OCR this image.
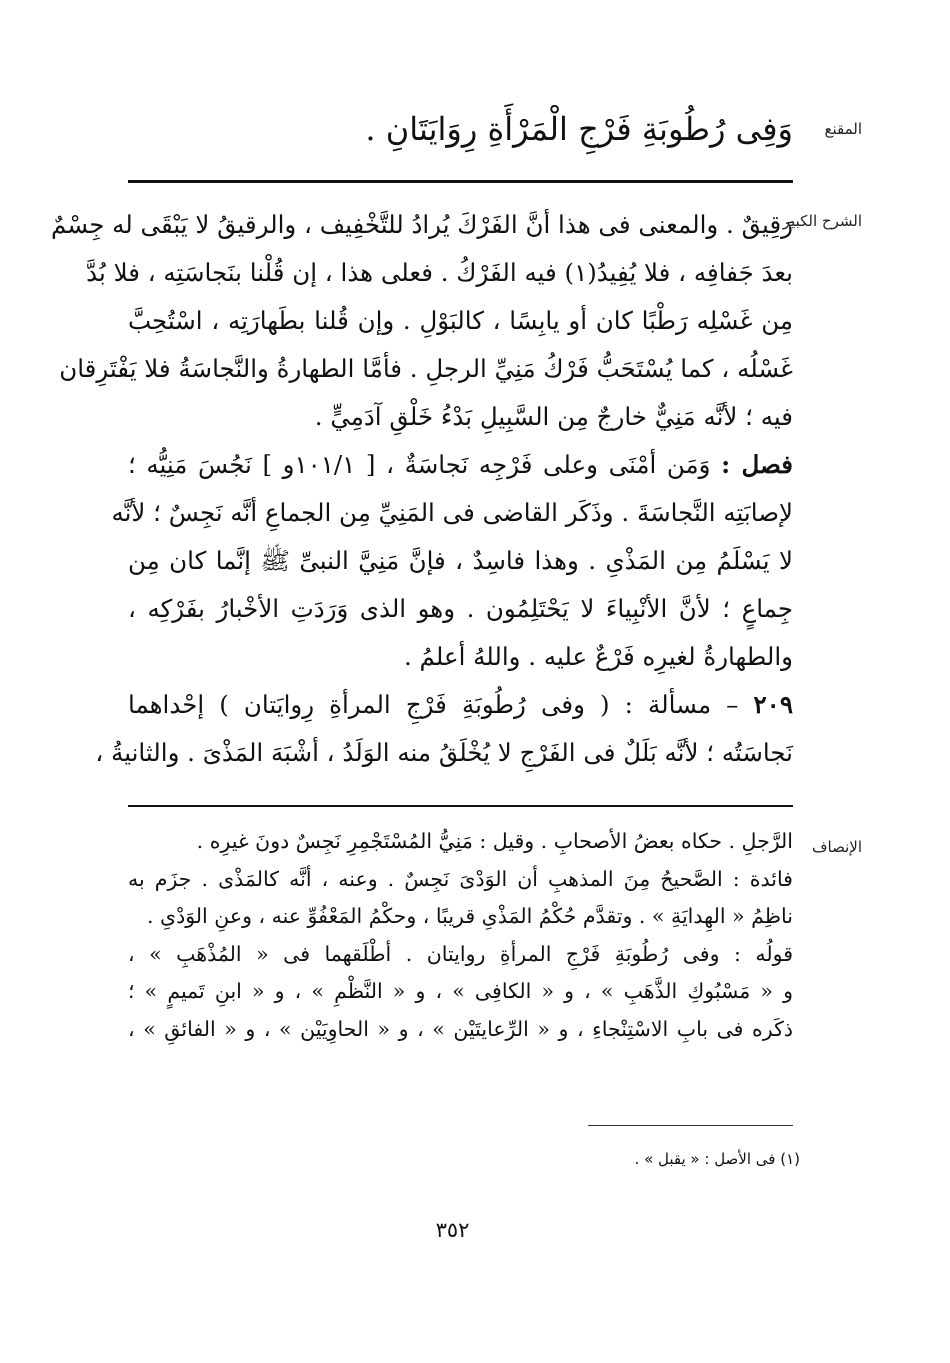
المقنع
وَفِى رُطُوبَةِ فَرْجِ الْمَرْأَةِ رِوَايَتَانِ .
الشرح الكبير
رَقِيقٌ . والمعنى فى هذا أنَّ الفَرْكَ يُرادُ للتَّخْفِيف ، والرقيقُ لا يَبْقَى له جِسْمٌ
بعدَ جَفافِه ، فلا يُفِيدُ(١) فيه الفَرْكُ . فعلى هذا ، إن قُلْنا بنَجاسَتِه ، فلا بُدَّ
مِن غَسْلِه رَطْبًا كان أو يابِسًا ، كالبَوْلِ . وإن قُلنا بطَهارَتِه ، اسْتُحِبَّ
غَسْلُه ، كما يُسْتَحَبُّ فَرْكُ مَنِيِّ الرجلِ . فأمَّا الطهارةُ والنَّجاسَةُ فلا يَفْتَرِقان
فيه ؛ لأنَّه مَنِيٌّ خارجٌ مِن السَّبِيلِ بَدْءُ خَلْقِ آدَمِيٍّ .
فصل : وَمَن أمْنَى وعلى فَرْجِه نَجاسَةٌ ، [ ١٠١/١و ] نَجُسَ مَنِيُّه ؛
لإصابَتِه النَّجاسَةَ . وذَكَر القاضى فى المَنِيِّ مِن الجماعِ أنَّه نَجِسٌ ؛ لأنَّه
لا يَسْلَمُ مِن المَذْىِ . وهذا فاسِدٌ ، فإنَّ مَنِيَّ النبىِّ ﷺ إنَّما كان مِن
جِماعٍ ؛ لأنَّ الأنْبِياءَ لا يَحْتَلِمُون . وهو الذى وَرَدَتِ الأخْبارُ بفَرْكِه ،
والطهارةُ لغيرِه فَرْعٌ عليه . واللهُ أعلمُ .
٢٠٩ – مسألة : ( وفى رُطُوبَةِ فَرْجِ المرأةِ رِوايَتان ) إحْداهما
نَجاسَتُه ؛ لأنَّه بَلَلٌ فى الفَرْجِ لا يُخْلَقُ منه الوَلَدُ ، أشْبَهَ المَذْىَ . والثانيةُ ،
الإنصاف
الرَّجلِ . حكاه بعضُ الأصحابِ . وقيل : مَنِيُّ المُسْتَجْمِرِ نَجِسٌ دونَ غيرِه .
فائدة : الصَّحيحُ مِنَ المذهبِ أن الوَدْىَ نَجِسٌ . وعنه ، أنَّه كالمَذْى . جزَم به
ناظِمُ « الهِدايَةِ » . وتقدَّم حُكْمُ المَذْىِ قريبًا ، وحكْمُ المَعْفُوِّ عنه ، وعنِ الوَدْىِ .
قولُه : وفى رُطُوبَةِ فَرْجِ المرأةِ روايتان . أطْلَقهما فى « المُذْهَبِ » ،
و « مَسْبُوكِ الذَّهَبِ » ، و « الكافِى » ، و « النَّظْمِ » ، و « ابنِ تَميمٍ » ؛
ذكَره فى بابِ الاسْتِنْجاءِ ، و « الرِّعايتَيْن » ، و « الحاوِيَيْن » ، و « الفائقِ » ،
(١) فى الأصل : « يقبل » .
٣٥٢
